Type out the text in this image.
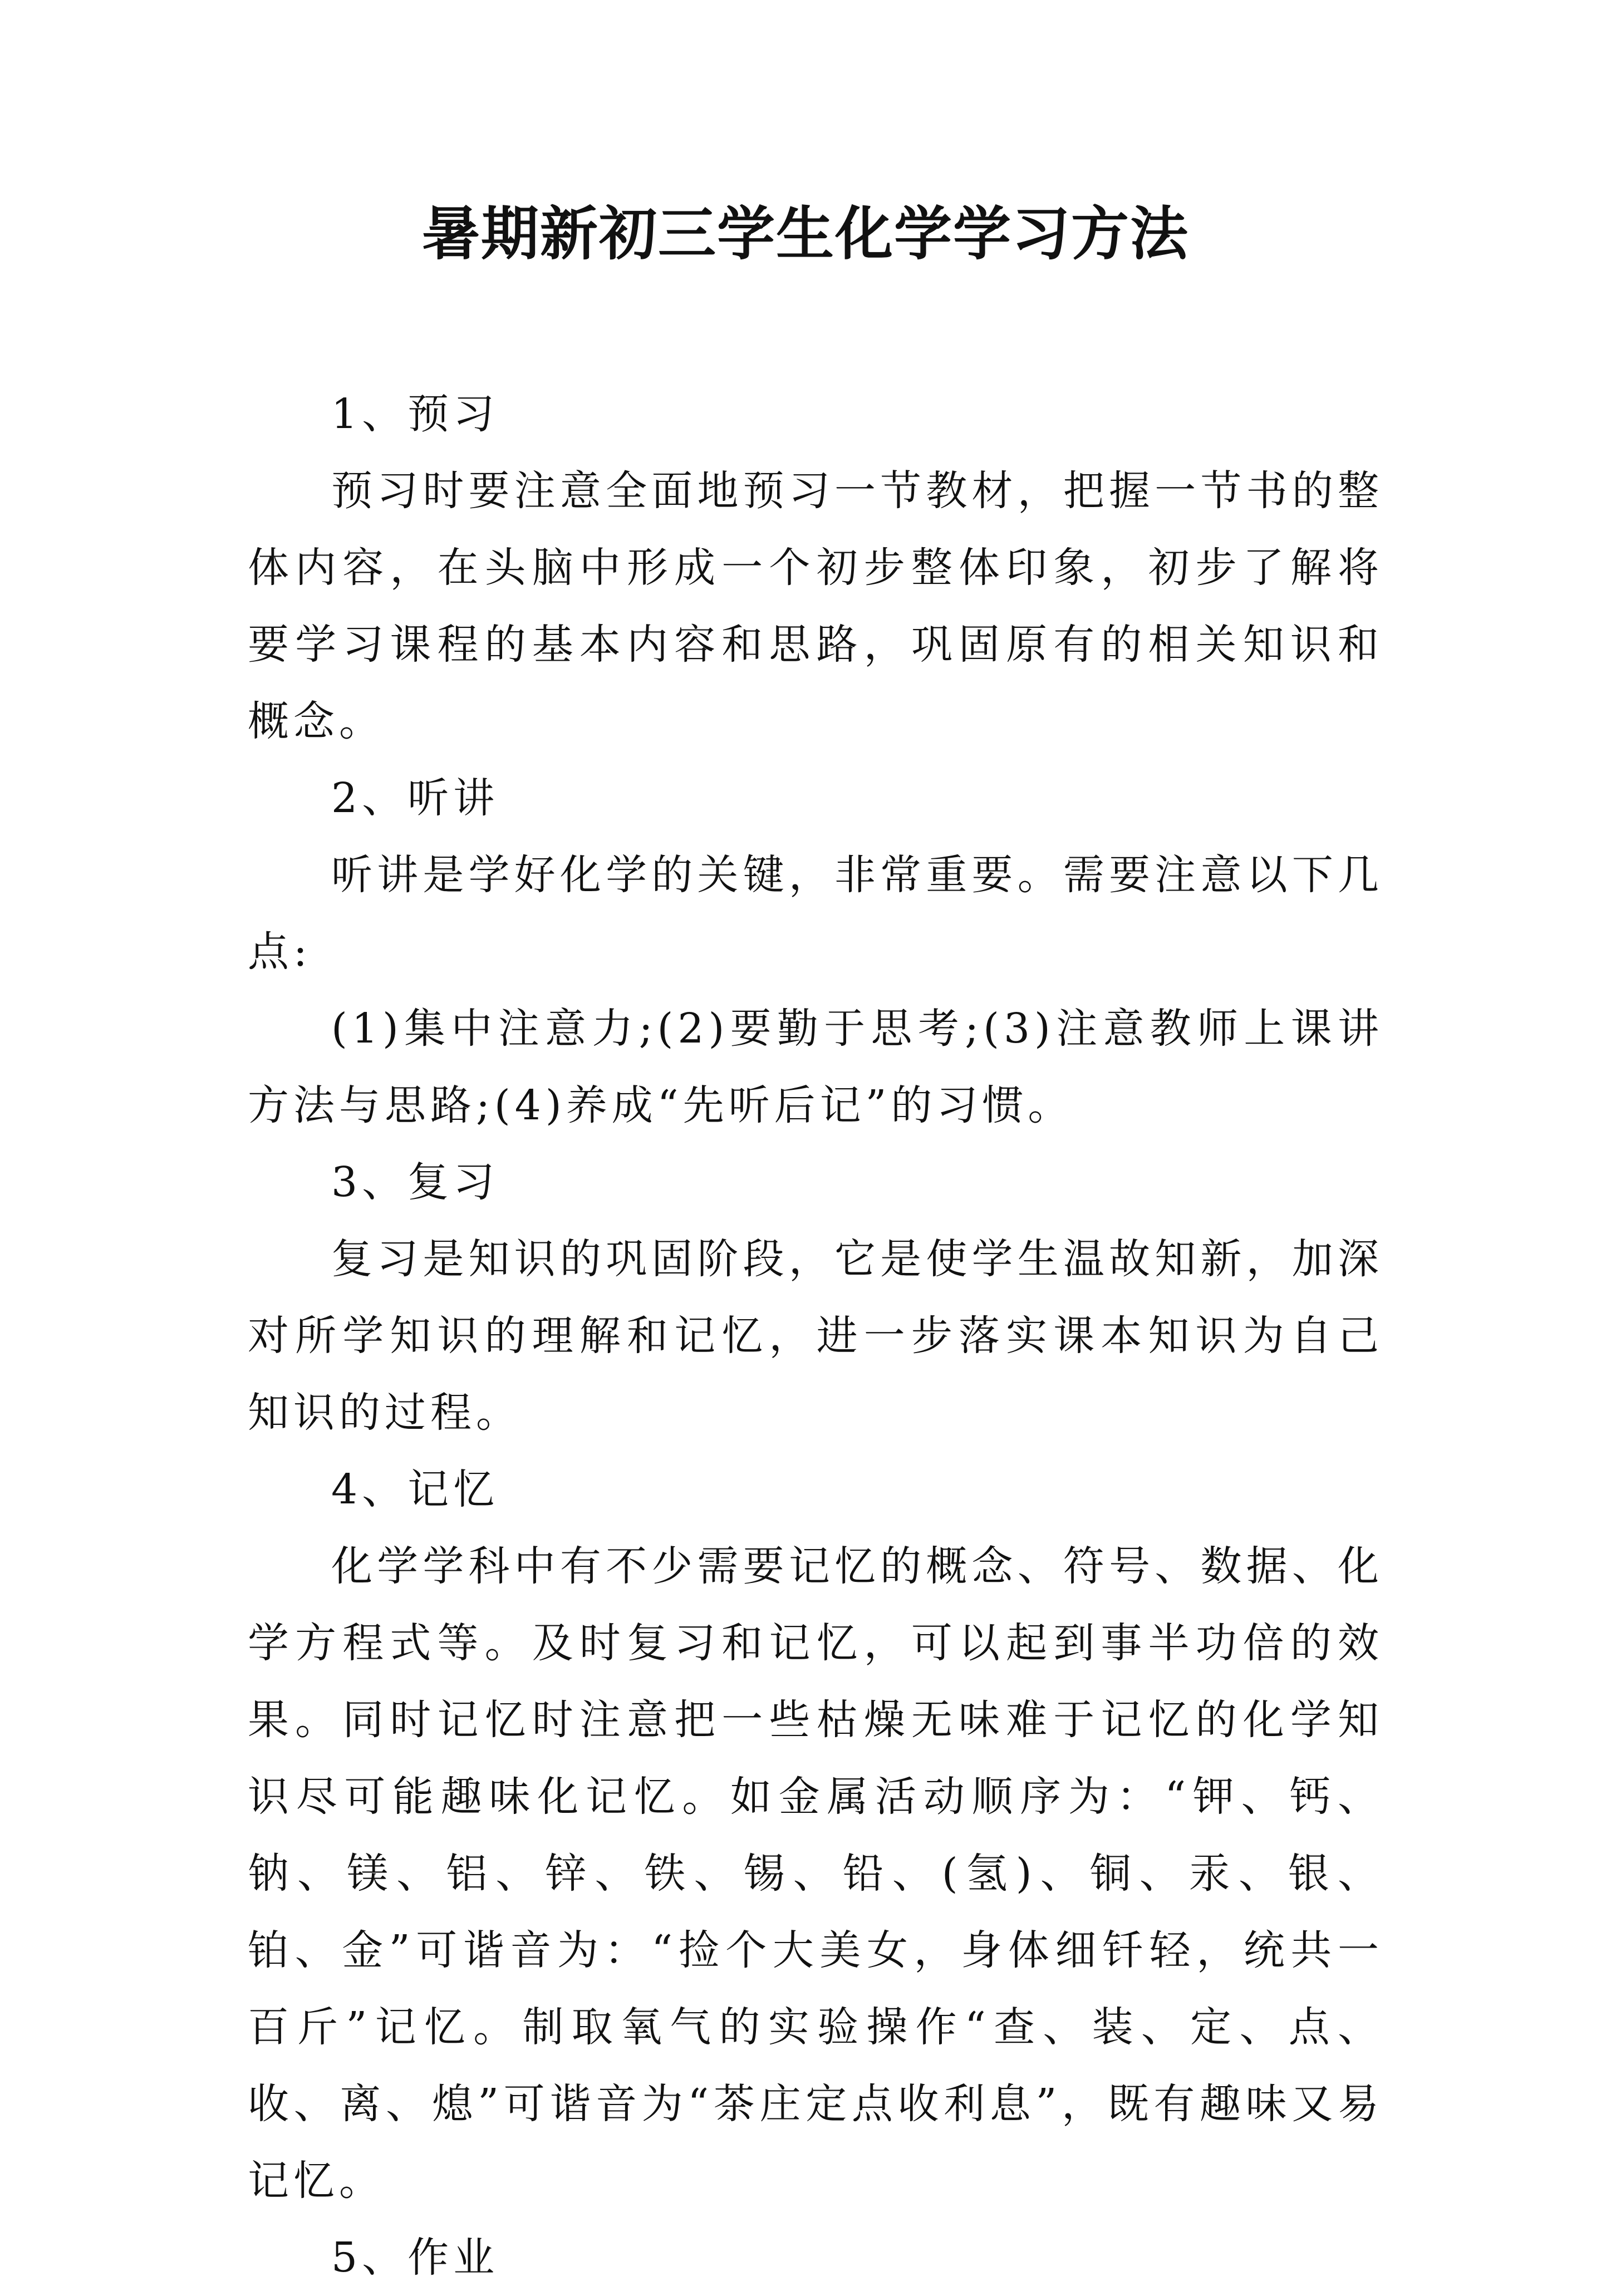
暑期新初三学生化学学习方法

1、预习

预习时要注意全面地预习一节教材，把握一节书的整体内容，在头脑中形成一个初步整体印象，初步了解将要学习课程的基本内容和思路，巩固原有的相关知识和概念。

2、听讲

听讲是学好化学的关键，非常重要。需要注意以下几点:

(1)集中注意力;(2)要勤于思考;(3)注意教师上课讲方法与思路;(4)养成“先听后记”的习惯。

3、复习

复习是知识的巩固阶段，它是使学生温故知新，加深对所学知识的理解和记忆，进一步落实课本知识为自己知识的过程。

4、记忆

化学学科中有不少需要记忆的概念、符号、数据、化学方程式等。及时复习和记忆，可以起到事半功倍的效果。同时记忆时注意把一些枯燥无味难于记忆的化学知识尽可能趣味化记忆。如金属活动顺序为：“钾、钙、钠、镁、铝、锌、铁、锡、铅、(氢)、铜、汞、银、铂、金”可谐音为：“捡个大美女，身体细钎轻，统共一百斤”记忆。制取氧气的实验操作“查、装、定、点、收、离、熄”可谐音为“茶庄定点收利息”，既有趣味又易记忆。

5、作业
